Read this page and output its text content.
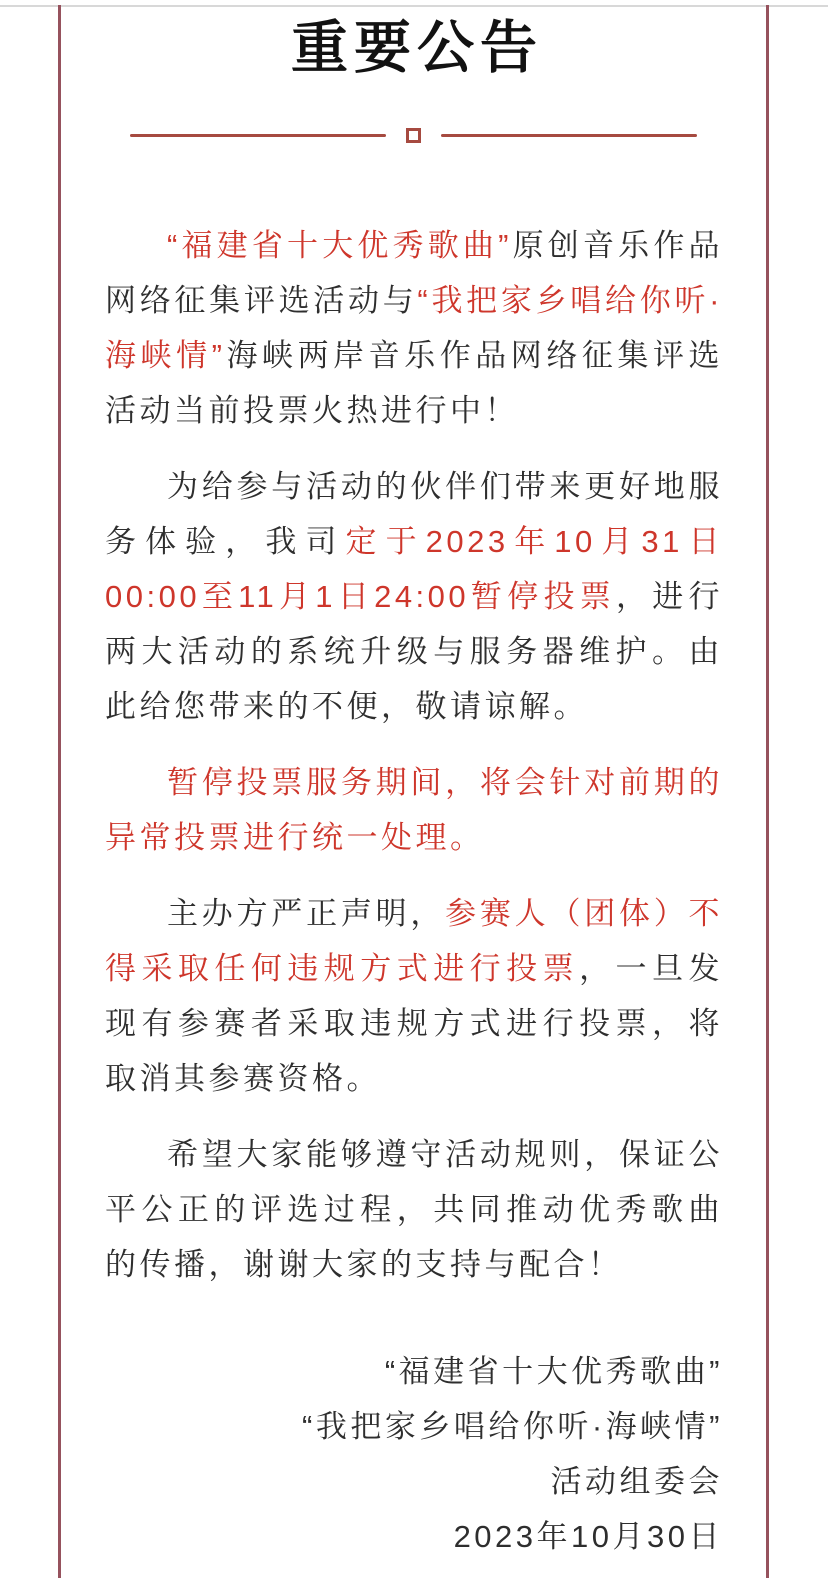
重要公告

“福建省十大优秀歌曲”原创音乐作品网络征集评选活动与“我把家乡唱给你听·海峡情”海峡两岸音乐作品网络征集评选活动当前投票火热进行中！

为给参与活动的伙伴们带来更好地服务体验，我司定于2023年10月31日00:00至11月1日24:00暂停投票，进行两大活动的系统升级与服务器维护。由此给您带来的不便，敬请谅解。

暂停投票服务期间，将会针对前期的异常投票进行统一处理。

主办方严正声明，参赛人（团体）不得采取任何违规方式进行投票，一旦发现有参赛者采取违规方式进行投票，将取消其参赛资格。

希望大家能够遵守活动规则，保证公平公正的评选过程，共同推动优秀歌曲的传播，谢谢大家的支持与配合！

“福建省十大优秀歌曲”
“我把家乡唱给你听·海峡情”
活动组委会
2023年10月30日
